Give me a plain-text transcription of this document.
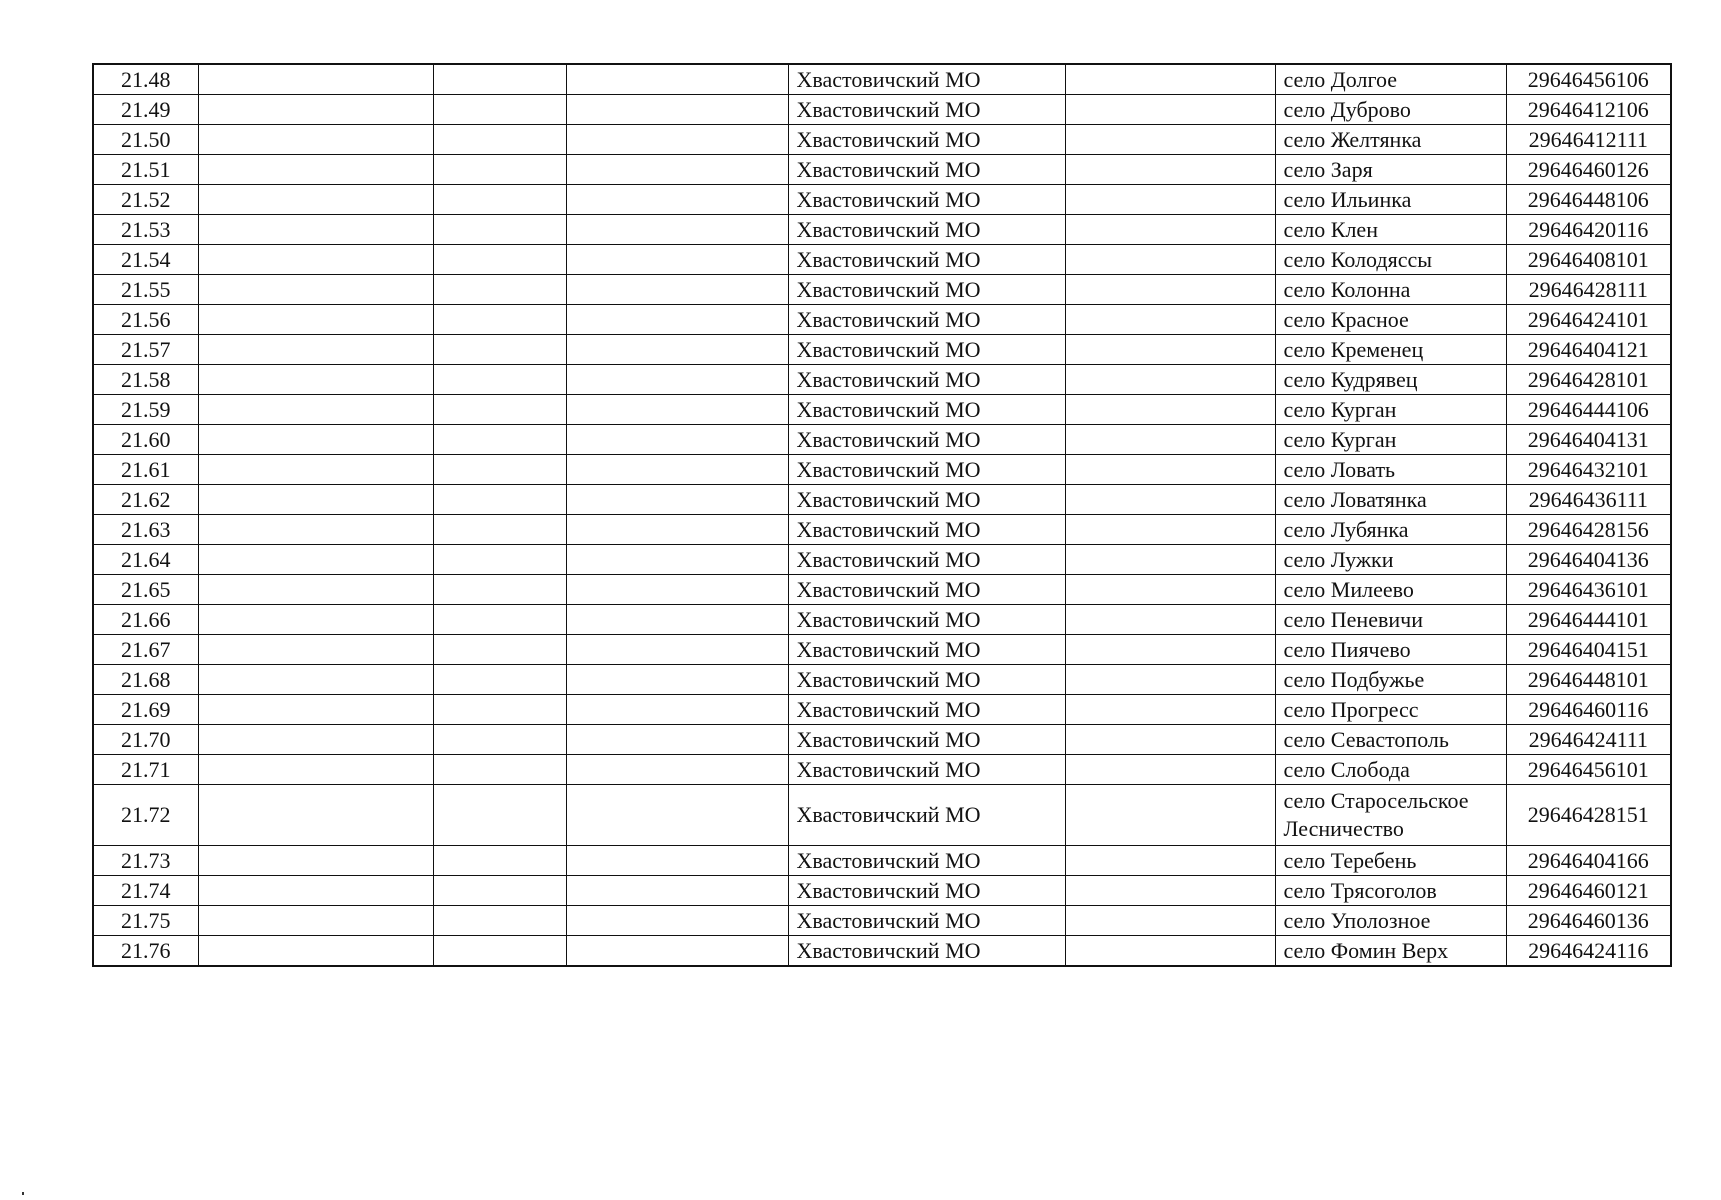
21.48				Хвастовичский МО		село Долгое	29646456106
21.49				Хвастовичский МО		село Дуброво	29646412106
21.50				Хвастовичский МО		село Желтянка	29646412111
21.51				Хвастовичский МО		село Заря	29646460126
21.52				Хвастовичский МО		село Ильинка	29646448106
21.53				Хвастовичский МО		село Клен	29646420116
21.54				Хвастовичский МО		село Колодяссы	29646408101
21.55				Хвастовичский МО		село Колонна	29646428111
21.56				Хвастовичский МО		село Красное	29646424101
21.57				Хвастовичский МО		село Кременец	29646404121
21.58				Хвастовичский МО		село Кудрявец	29646428101
21.59				Хвастовичский МО		село Курган	29646444106
21.60				Хвастовичский МО		село Курган	29646404131
21.61				Хвастовичский МО		село Ловать	29646432101
21.62				Хвастовичский МО		село Ловатянка	29646436111
21.63				Хвастовичский МО		село Лубянка	29646428156
21.64				Хвастовичский МО		село Лужки	29646404136
21.65				Хвастовичский МО		село Милеево	29646436101
21.66				Хвастовичский МО		село Пеневичи	29646444101
21.67				Хвастовичский МО		село Пиячево	29646404151
21.68				Хвастовичский МО		село Подбужье	29646448101
21.69				Хвастовичский МО		село Прогресс	29646460116
21.70				Хвастовичский МО		село Севастополь	29646424111
21.71				Хвастовичский МО		село Слобода	29646456101
21.72				Хвастовичский МО		село Старосельское Лесничество	29646428151
21.73				Хвастовичский МО		село Теребень	29646404166
21.74				Хвастовичский МО		село Трясоголов	29646460121
21.75				Хвастовичский МО		село Уполозное	29646460136
21.76				Хвастовичский МО		село Фомин Верх	29646424116
